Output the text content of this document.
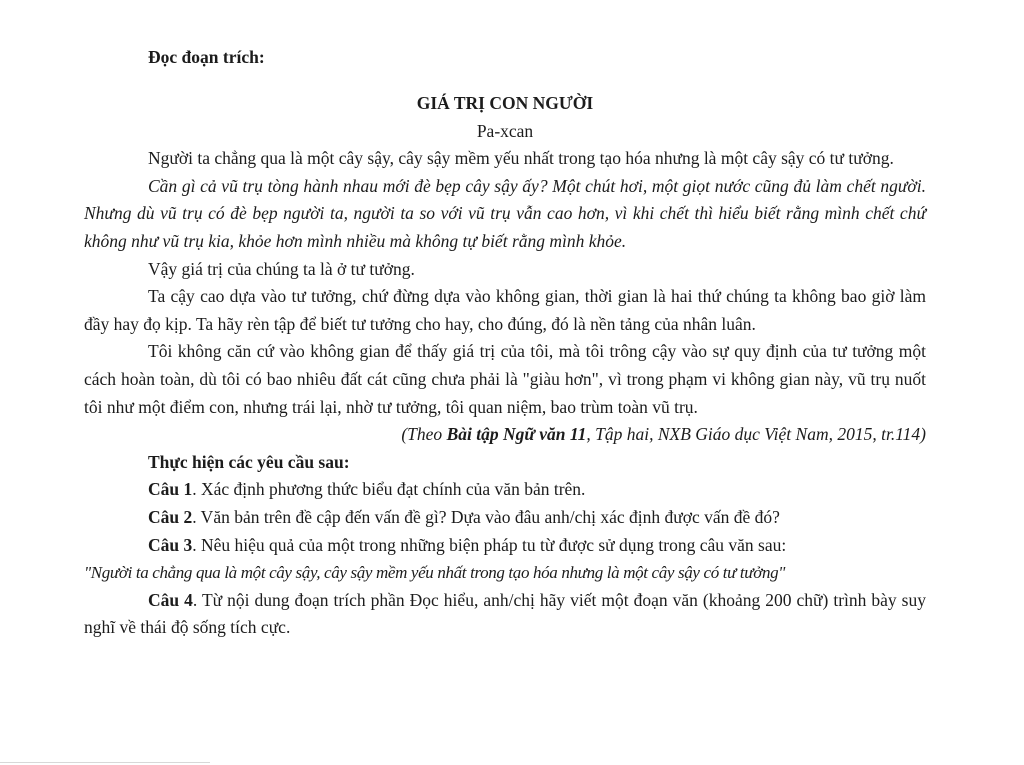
Đọc đoạn trích:
GIÁ TRỊ CON NGƯỜI
Pa-xcan

Người ta chẳng qua là một cây sậy, cây sậy mềm yếu nhất trong tạo hóa nhưng là một cây sậy có tư tưởng.

Cần gì cả vũ trụ tòng hành nhau mới đè bẹp cây sậy ấy? Một chút hơi, một giọt nước cũng đủ làm chết người. Nhưng dù vũ trụ có đè bẹp người ta, người ta so với vũ trụ vẫn cao hơn, vì khi chết thì hiểu biết rằng mình chết chứ không như vũ trụ kia, khỏe hơn mình nhiều mà không tự biết rằng mình khỏe.

Vậy giá trị của chúng ta là ở tư tưởng.

Ta cậy cao dựa vào tư tưởng, chứ đừng dựa vào không gian, thời gian là hai thứ chúng ta không bao giờ làm đầy hay đọ kịp. Ta hãy rèn tập để biết tư tưởng cho hay, cho đúng, đó là nền tảng của nhân luân.

Tôi không căn cứ vào không gian để thấy giá trị của tôi, mà tôi trông cậy vào sự quy định của tư tưởng một cách hoàn toàn, dù tôi có bao nhiêu đất cát cũng chưa phải là "giàu hơn", vì trong phạm vi không gian này, vũ trụ nuốt tôi như một điểm con, nhưng trái lại, nhờ tư tưởng, tôi quan niệm, bao trùm toàn vũ trụ.

(Theo Bài tập Ngữ văn 11, Tập hai, NXB Giáo dục Việt Nam, 2015, tr.114)

Thực hiện các yêu cầu sau:

Câu 1. Xác định phương thức biểu đạt chính của văn bản trên.

Câu 2. Văn bản trên đề cập đến vấn đề gì? Dựa vào đâu anh/chị xác định được vấn đề đó?

Câu 3. Nêu hiệu quả của một trong những biện pháp tu từ được sử dụng trong câu văn sau:

"Người ta chẳng qua là một cây sậy, cây sậy mềm yếu nhất trong tạo hóa nhưng là một cây sậy có tư tưởng"

Câu 4. Từ nội dung đoạn trích phần Đọc hiểu, anh/chị hãy viết một đoạn văn (khoảng 200 chữ) trình bày suy nghĩ về thái độ sống tích cực.
